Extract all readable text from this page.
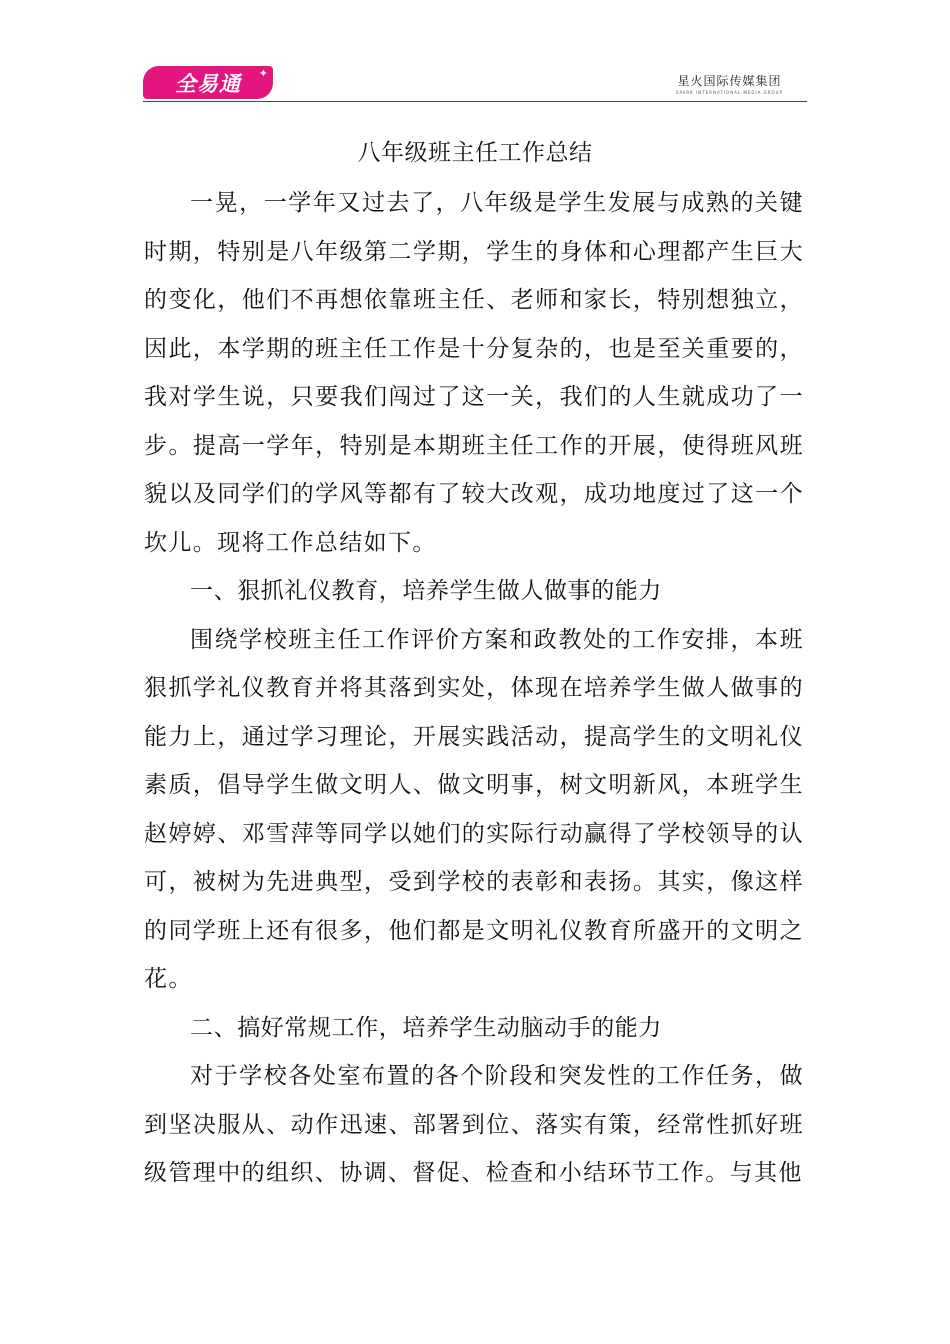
全易通 ✦
星火国际传媒集团
SPARK INTERNATIONAL MEDIA GROUP
八年级班主任工作总结

一晃，一学年又过去了，八年级是学生发展与成熟的关键时期，特别是八年级第二学期，学生的身体和心理都产生巨大的变化，他们不再想依靠班主任、老师和家长，特别想独立，因此，本学期的班主任工作是十分复杂的，也是至关重要的，我对学生说，只要我们闯过了这一关，我们的人生就成功了一步。提高一学年，特别是本期班主任工作的开展，使得班风班貌以及同学们的学风等都有了较大改观，成功地度过了这一个坎儿。现将工作总结如下。

一、狠抓礼仪教育，培养学生做人做事的能力

围绕学校班主任工作评价方案和政教处的工作安排，本班狠抓学礼仪教育并将其落到实处，体现在培养学生做人做事的能力上，通过学习理论，开展实践活动，提高学生的文明礼仪素质，倡导学生做文明人、做文明事，树文明新风，本班学生赵婷婷、邓雪萍等同学以她们的实际行动赢得了学校领导的认可，被树为先进典型，受到学校的表彰和表扬。其实，像这样的同学班上还有很多，他们都是文明礼仪教育所盛开的文明之花。

二、搞好常规工作，培养学生动脑动手的能力

对于学校各处室布置的各个阶段和突发性的工作任务，做到坚决服从、动作迅速、部署到位、落实有策，经常性抓好班级管理中的组织、协调、督促、检查和小结环节工作。与其他
